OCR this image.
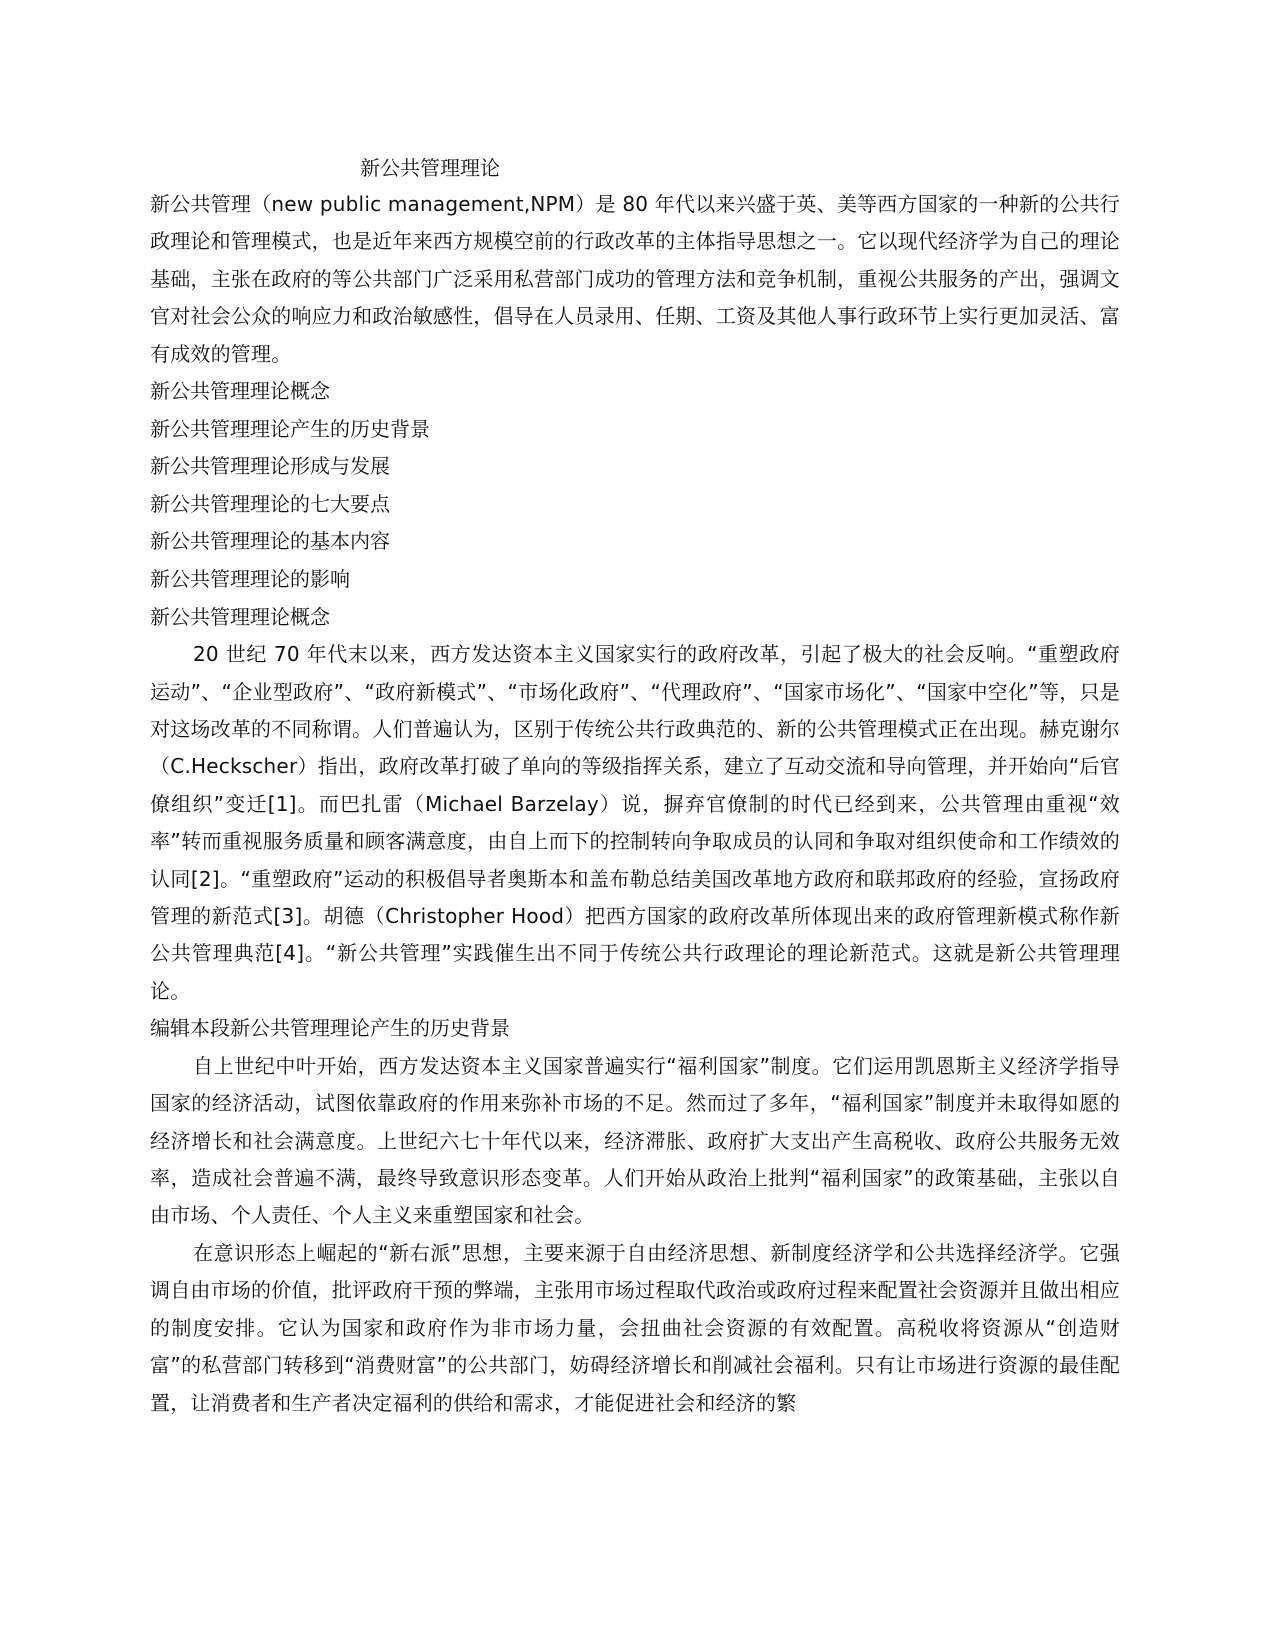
新公共管理理论

新公共管理（new public management,NPM）是 80 年代以来兴盛于英、美等西方国家的一种新的公共行政理论和管理模式，也是近年来西方规模空前的行政改革的主体指导思想之一。它以现代经济学为自己的理论基础，主张在政府的等公共部门广泛采用私营部门成功的管理方法和竞争机制，重视公共服务的产出，强调文官对社会公众的响应力和政治敏感性，倡导在人员录用、任期、工资及其他人事行政环节上实行更加灵活、富有成效的管理。

新公共管理理论概念

新公共管理理论产生的历史背景

新公共管理理论形成与发展

新公共管理理论的七大要点

新公共管理理论的基本内容

新公共管理理论的影响

新公共管理理论概念

20 世纪 70 年代末以来，西方发达资本主义国家实行的政府改革，引起了极大的社会反响。“重塑政府运动”、“企业型政府”、“政府新模式”、“市场化政府”、“代理政府”、“国家市场化”、“国家中空化”等，只是对这场改革的不同称谓。人们普遍认为，区别于传统公共行政典范的、新的公共管理模式正在出现。赫克谢尔（C.Heckscher）指出，政府改革打破了单向的等级指挥关系，建立了互动交流和导向管理，并开始向“后官僚组织”变迁[1]。而巴扎雷（Michael Barzelay）说，摒弃官僚制的时代已经到来，公共管理由重视“效率”转而重视服务质量和顾客满意度，由自上而下的控制转向争取成员的认同和争取对组织使命和工作绩效的认同[2]。“重塑政府”运动的积极倡导者奥斯本和盖布勒总结美国改革地方政府和联邦政府的经验，宣扬政府管理的新范式[3]。胡德（Christopher Hood）把西方国家的政府改革所体现出来的政府管理新模式称作新公共管理典范[4]。“新公共管理”实践催生出不同于传统公共行政理论的理论新范式。这就是新公共管理理论。

编辑本段新公共管理理论产生的历史背景

自上世纪中叶开始，西方发达资本主义国家普遍实行“福利国家”制度。它们运用凯恩斯主义经济学指导国家的经济活动，试图依靠政府的作用来弥补市场的不足。然而过了多年，“福利国家”制度并未取得如愿的经济增长和社会满意度。上世纪六七十年代以来，经济滞胀、政府扩大支出产生高税收、政府公共服务无效率，造成社会普遍不满，最终导致意识形态变革。人们开始从政治上批判“福利国家”的政策基础，主张以自由市场、个人责任、个人主义来重塑国家和社会。

在意识形态上崛起的“新右派”思想，主要来源于自由经济思想、新制度经济学和公共选择经济学。它强调自由市场的价值，批评政府干预的弊端，主张用市场过程取代政治或政府过程来配置社会资源并且做出相应的制度安排。它认为国家和政府作为非市场力量，会扭曲社会资源的有效配置。高税收将资源从“创造财富”的私营部门转移到“消费财富”的公共部门，妨碍经济增长和削减社会福利。只有让市场进行资源的最佳配置，让消费者和生产者决定福利的供给和需求，才能促进社会和经济的繁
